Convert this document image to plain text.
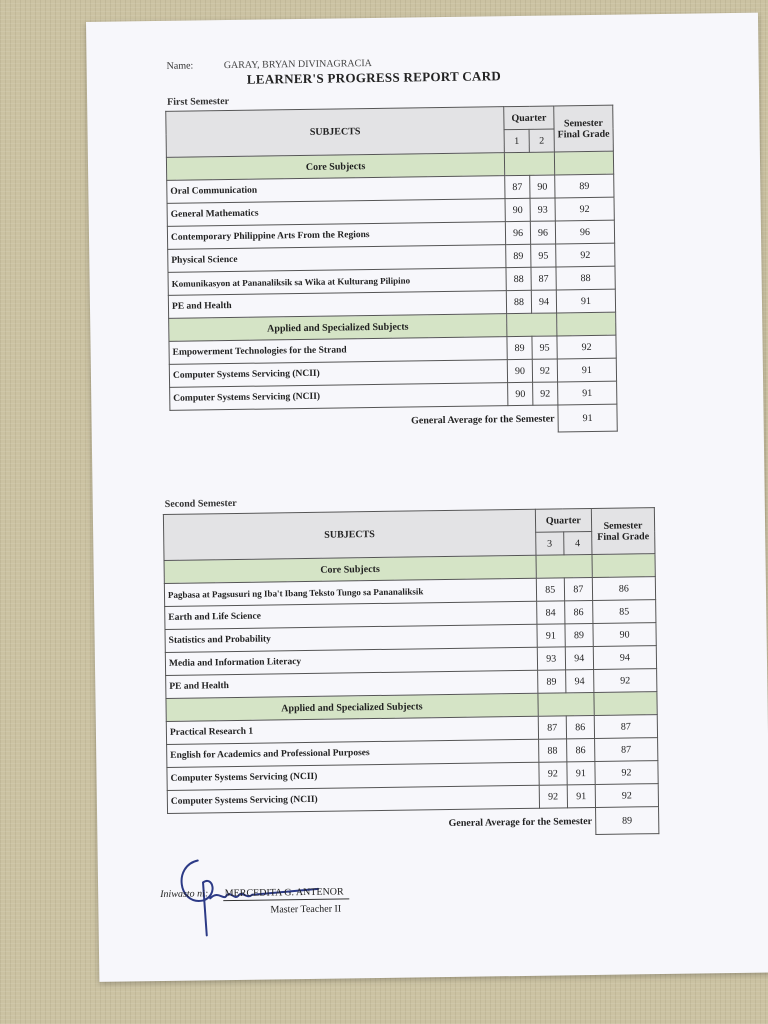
Name:	GARAY, BRYAN DIVINAGRACIA
LEARNER'S PROGRESS REPORT CARD
First Semester
SUBJECTS	Quarter		Semester Final Grade
	1	2	
Core Subjects			
Oral Communication	87	90	89
General Mathematics	90	93	92
Contemporary Philippine Arts From the Regions	96	96	96
Physical Science	89	95	92
Komunikasyon at Pananaliksik sa Wika at Kulturang Pilipino	88	87	88
PE and Health	88	94	91
Applied and Specialized Subjects			
Empowerment Technologies for the Strand	89	95	92
Computer Systems Servicing (NCII)	90	92	91
Computer Systems Servicing (NCII)	90	92	91
General Average for the Semester			91
Second Semester
SUBJECTS	Quarter		Semester Final Grade
	3	4	
Core Subjects			
Pagbasa at Pagsusuri ng Iba't Ibang Teksto Tungo sa Pananaliksik	85	87	86
Earth and Life Science	84	86	85
Statistics and Probability	91	89	90
Media and Information Literacy	93	94	94
PE and Health	89	94	92
Applied and Specialized Subjects			
Practical Research 1	87	86	87
English for Academics and Professional Purposes	88	86	87
Computer Systems Servicing (NCII)	92	91	92
Computer Systems Servicing (NCII)	92	91	92
General Average for the Semester			89
Iniwasto ni: MERCEDITA G. ANTENOR
Master Teacher II
